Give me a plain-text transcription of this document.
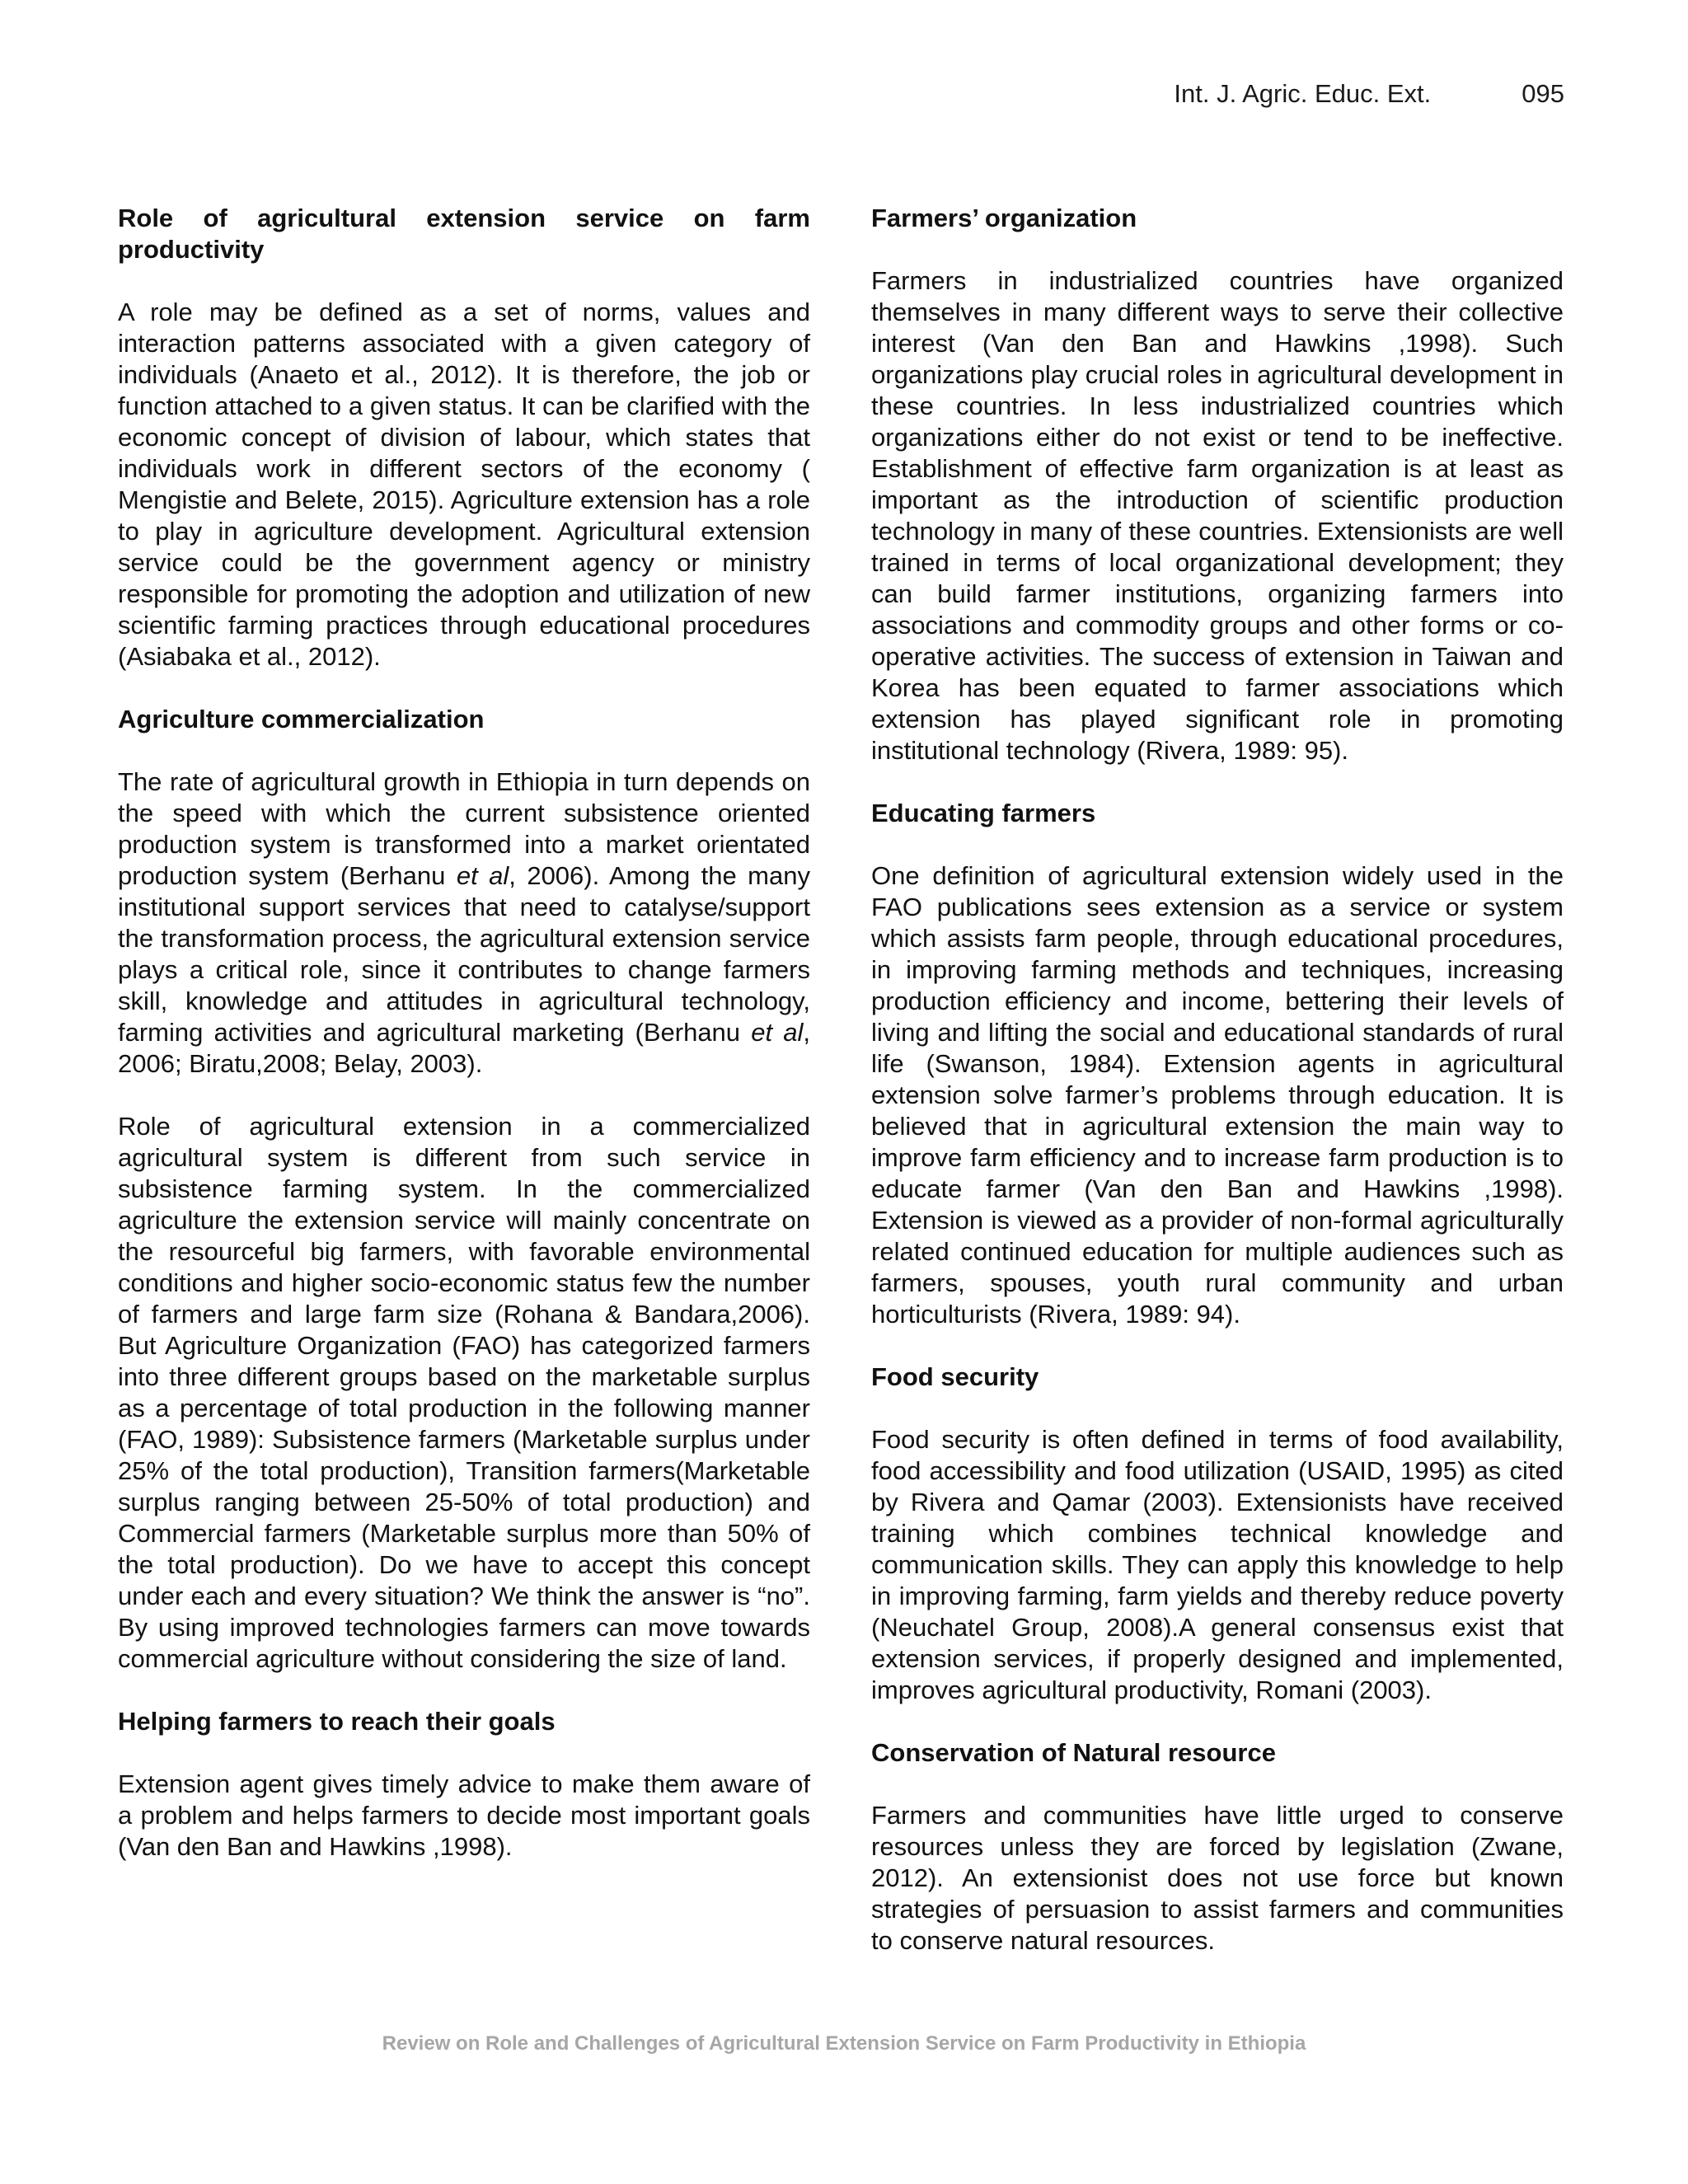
Int. J. Agric. Educ. Ext.	095
Role of agricultural extension service on farm productivity

A role may be defined as a set of norms, values and interaction patterns associated with a given category of individuals (Anaeto et al., 2012). It is therefore, the job or function attached to a given status. It can be clarified with the economic concept of division of labour, which states that individuals work in different sectors of the economy ( Mengistie and Belete, 2015). Agriculture extension has a role to play in agriculture development. Agricultural extension service could be the government agency or ministry responsible for promoting the adoption and utilization of new scientific farming practices through educational procedures (Asiabaka et al., 2012).

Agriculture commercialization

The rate of agricultural growth in Ethiopia in turn depends on the speed with which the current subsistence oriented production system is transformed into a market orientated production system (Berhanu et al, 2006). Among the many institutional support services that need to catalyse/support the transformation process, the agricultural extension service plays a critical role, since it contributes to change farmers skill, knowledge and attitudes in agricultural technology, farming activities and agricultural marketing (Berhanu et al, 2006; Biratu,2008; Belay, 2003).

Role of agricultural extension in a commercialized agricultural system is different from such service in subsistence farming system. In the commercialized agriculture the extension service will mainly concentrate on the resourceful big farmers, with favorable environmental conditions and higher socio-economic status few the number of farmers and large farm size (Rohana & Bandara,2006). But Agriculture Organization (FAO) has categorized farmers into three different groups based on the marketable surplus as a percentage of total production in the following manner (FAO, 1989): Subsistence farmers (Marketable surplus under 25% of the total production), Transition farmers(Marketable surplus ranging between 25-50% of total production) and Commercial farmers (Marketable surplus more than 50% of the total production). Do we have to accept this concept under each and every situation? We think the answer is “no”. By using improved technologies farmers can move towards commercial agriculture without considering the size of land.

Helping farmers to reach their goals

Extension agent gives timely advice to make them aware of a problem and helps farmers to decide most important goals (Van den Ban and Hawkins ,1998).

Farmers’ organization

Farmers in industrialized countries have organized themselves in many different ways to serve their collective interest (Van den Ban and Hawkins ,1998). Such organizations play crucial roles in agricultural development in these countries. In less industrialized countries which organizations either do not exist or tend to be ineffective. Establishment of effective farm organization is at least as important as the introduction of scientific production technology in many of these countries. Extensionists are well trained in terms of local organizational development; they can build farmer institutions, organizing farmers into associations and commodity groups and other forms or co-operative activities. The success of extension in Taiwan and Korea has been equated to farmer associations which extension has played significant role in promoting institutional technology (Rivera, 1989: 95).

Educating farmers

One definition of agricultural extension widely used in the FAO publications sees extension as a service or system which assists farm people, through educational procedures, in improving farming methods and techniques, increasing production efficiency and income, bettering their levels of living and lifting the social and educational standards of rural life (Swanson, 1984). Extension agents in agricultural extension solve farmer’s problems through education. It is believed that in agricultural extension the main way to improve farm efficiency and to increase farm production is to educate farmer (Van den Ban and Hawkins ,1998). Extension is viewed as a provider of non-formal agriculturally related continued education for multiple audiences such as farmers, spouses, youth rural community and urban horticulturists (Rivera, 1989: 94).

Food security

Food security is often defined in terms of food availability, food accessibility and food utilization (USAID, 1995) as cited by Rivera and Qamar (2003). Extensionists have received training which combines technical knowledge and communication skills. They can apply this knowledge to help in improving farming, farm yields and thereby reduce poverty (Neuchatel Group, 2008).A general consensus exist that extension services, if properly designed and implemented, improves agricultural productivity, Romani (2003).

Conservation of Natural resource

Farmers and communities have little urged to conserve resources unless they are forced by legislation (Zwane, 2012). An extensionist does not use force but known strategies of persuasion to assist farmers and communities to conserve natural resources.

Review on Role and Challenges of Agricultural Extension Service on Farm Productivity in Ethiopia
